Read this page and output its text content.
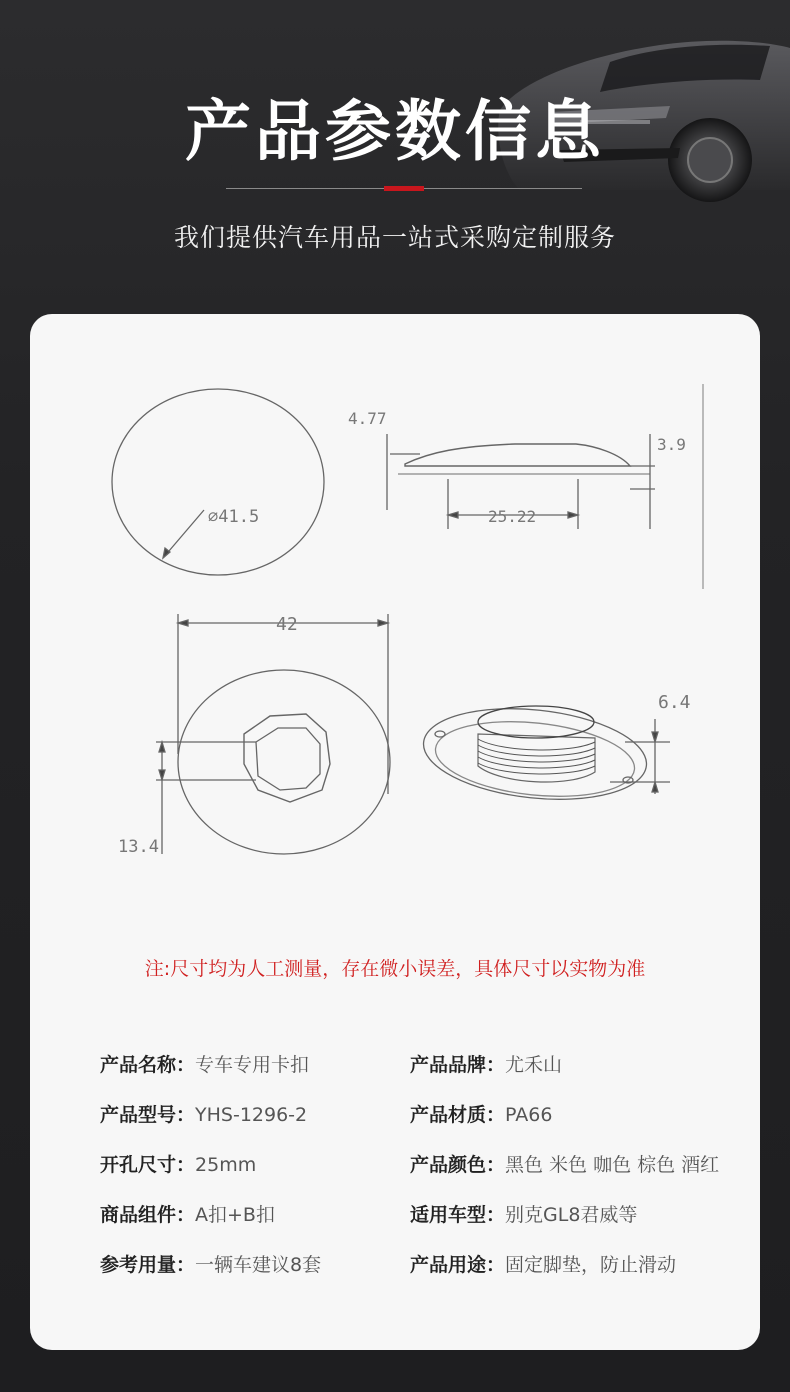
产品参数信息
我们提供汽车用品一站式采购定制服务
∅41.5
4.77
3.9
25.22
42
13.4
6.4
注:尺寸均为人工测量，存在微小误差，具体尺寸以实物为准
产品名称：专车专用卡扣	产品品牌：尤禾山
产品型号：YHS-1296-2	产品材质：PA66
开孔尺寸：25mm	产品颜色：黑色 米色 咖色 棕色 酒红
商品组件：A扣+B扣	适用车型：别克GL8君威等
参考用量：一辆车建议8套	产品用途：固定脚垫，防止滑动
